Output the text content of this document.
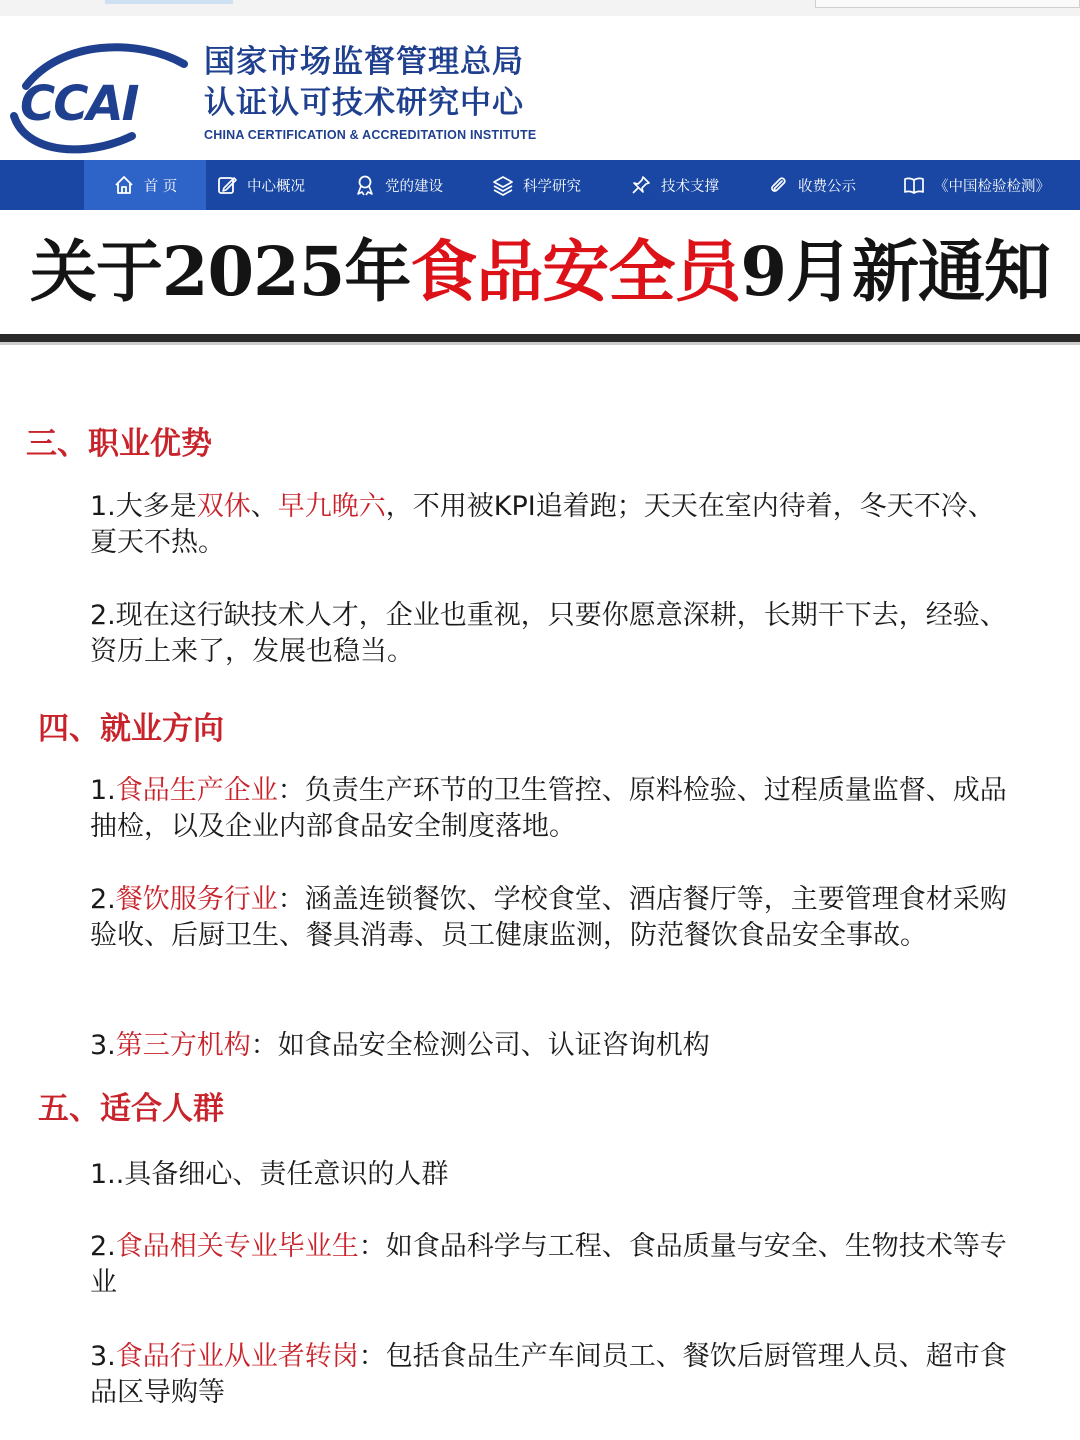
CCAI
国家市场监督管理总局
认证认可技术研究中心
CHINA CERTIFICATION & ACCREDITATION INSTITUTE
首 页	中心概况	党的建设	科学研究	技术支撑	收费公示	《中国检验检测》
关于2025年食品安全员9月新通知
三、职业优势
1.大多是双休、早九晚六，不用被KPI追着跑；天天在室内待着，冬天不冷、夏天不热。
2.现在这行缺技术人才，企业也重视，只要你愿意深耕，长期干下去，经验、资历上来了，发展也稳当。
四、就业方向
1.食品生产企业：负责生产环节的卫生管控、原料检验、过程质量监督、成品抽检，以及企业内部食品安全制度落地。
2.餐饮服务行业：涵盖连锁餐饮、学校食堂、酒店餐厅等，主要管理食材采购验收、后厨卫生、餐具消毒、员工健康监测，防范餐饮食品安全事故。
3.第三方机构：如食品安全检测公司、认证咨询机构
五、适合人群
1..具备细心、责任意识的人群
2.食品相关专业毕业生：如食品科学与工程、食品质量与安全、生物技术等专业
3.食品行业从业者转岗：包括食品生产车间员工、餐饮后厨管理人员、超市食品区导购等
